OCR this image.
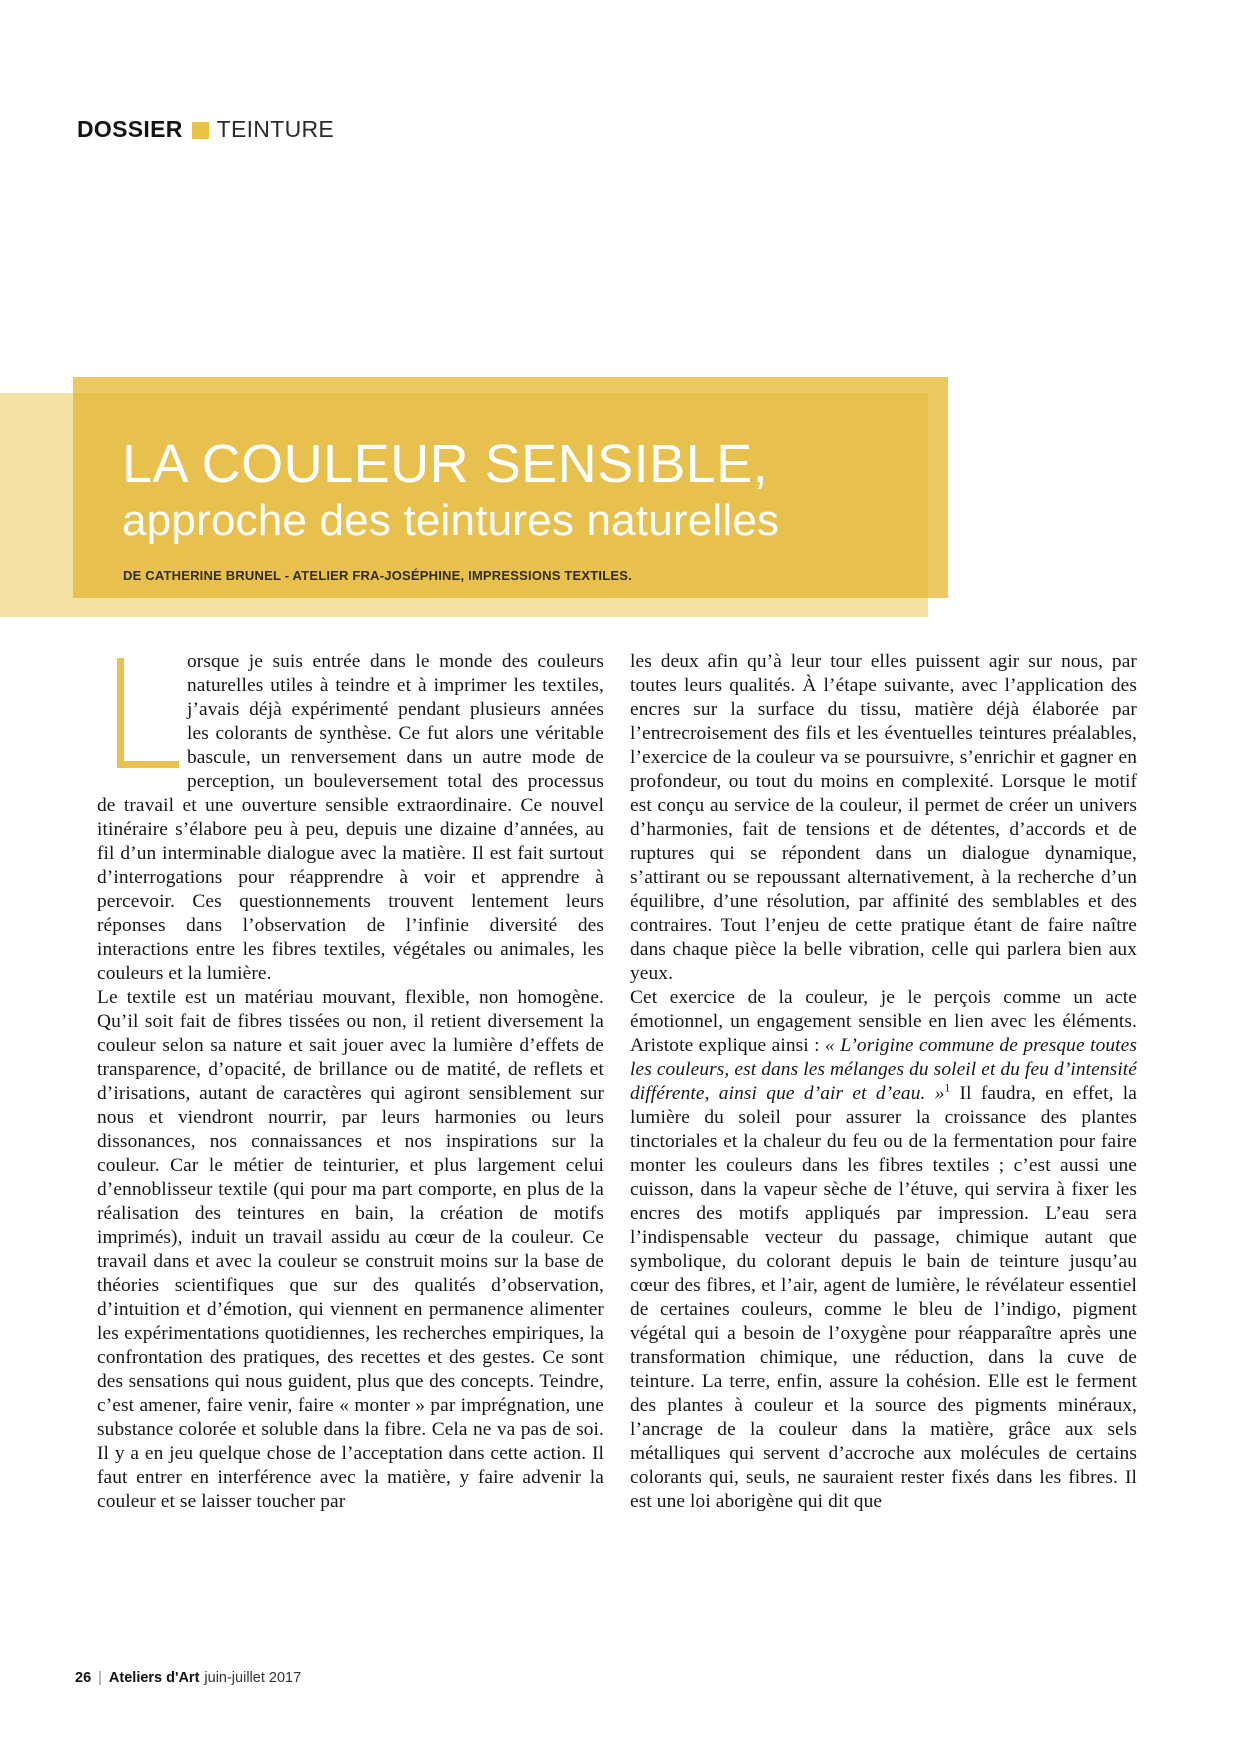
DOSSIER TEINTURE
LA COULEUR SENSIBLE,
approche des teintures naturelles
DE CATHERINE BRUNEL - ATELIER FRA-JOSÉPHINE, IMPRESSIONS TEXTILES.

orsque je suis entrée dans le monde des couleurs naturelles utiles à teindre et à imprimer les textiles, j’avais déjà expérimenté pendant plusieurs années les colorants de synthèse. Ce fut alors une véritable bascule, un renversement dans un autre mode de perception, un bouleversement total des processus de travail et une ouverture sensible extraordinaire. Ce nouvel itinéraire s’élabore peu à peu, depuis une dizaine d’années, au fil d’un interminable dialogue avec la matière. Il est fait surtout d’interrogations pour réapprendre à voir et apprendre à percevoir. Ces questionnements trouvent lentement leurs réponses dans l’observation de l’infinie diversité des interactions entre les fibres textiles, végétales ou animales, les couleurs et la lumière.

Le textile est un matériau mouvant, flexible, non homogène. Qu’il soit fait de fibres tissées ou non, il retient diversement la couleur selon sa nature et sait jouer avec la lumière d’effets de transparence, d’opacité, de brillance ou de matité, de reflets et d’irisations, autant de caractères qui agiront sensiblement sur nous et viendront nourrir, par leurs harmonies ou leurs dissonances, nos connaissances et nos inspirations sur la couleur. Car le métier de teinturier, et plus largement celui d’ennoblisseur textile (qui pour ma part comporte, en plus de la réalisation des teintures en bain, la création de motifs imprimés), induit un travail assidu au cœur de la couleur. Ce travail dans et avec la couleur se construit moins sur la base de théories scientifiques que sur des qualités d’observation, d’intuition et d’émotion, qui viennent en permanence alimenter les expérimentations quotidiennes, les recherches empiriques, la confrontation des pratiques, des recettes et des gestes. Ce sont des sensations qui nous guident, plus que des concepts. Teindre, c’est amener, faire venir, faire « monter » par imprégnation, une substance colorée et soluble dans la fibre. Cela ne va pas de soi. Il y a en jeu quelque chose de l’acceptation dans cette action. Il faut entrer en interférence avec la matière, y faire advenir la couleur et se laisser toucher par

les deux afin qu’à leur tour elles puissent agir sur nous, par toutes leurs qualités. À l’étape suivante, avec l’application des encres sur la surface du tissu, matière déjà élaborée par l’entrecroisement des fils et les éventuelles teintures préalables, l’exercice de la couleur va se poursuivre, s’enrichir et gagner en profondeur, ou tout du moins en complexité. Lorsque le motif est conçu au service de la couleur, il permet de créer un univers d’harmonies, fait de tensions et de détentes, d’accords et de ruptures qui se répondent dans un dialogue dynamique, s’attirant ou se repoussant alternativement, à la recherche d’un équilibre, d’une résolution, par affinité des semblables et des contraires. Tout l’enjeu de cette pratique étant de faire naître dans chaque pièce la belle vibration, celle qui parlera bien aux yeux.

Cet exercice de la couleur, je le perçois comme un acte émotionnel, un engagement sensible en lien avec les éléments. Aristote explique ainsi : « L’origine commune de presque toutes les couleurs, est dans les mélanges du soleil et du feu d’intensité différente, ainsi que d’air et d’eau. »$^1$ Il faudra, en effet, la lumière du soleil pour assurer la croissance des plantes tinctoriales et la chaleur du feu ou de la fermentation pour faire monter les couleurs dans les fibres textiles ; c’est aussi une cuisson, dans la vapeur sèche de l’étuve, qui servira à fixer les encres des motifs appliqués par impression. L’eau sera l’indispensable vecteur du passage, chimique autant que symbolique, du colorant depuis le bain de teinture jusqu’au cœur des fibres, et l’air, agent de lumière, le révélateur essentiel de certaines couleurs, comme le bleu de l’indigo, pigment végétal qui a besoin de l’oxygène pour réapparaître après une transformation chimique, une réduction, dans la cuve de teinture. La terre, enfin, assure la cohésion. Elle est le ferment des plantes à couleur et la source des pigments minéraux, l’ancrage de la couleur dans la matière, grâce aux sels métalliques qui servent d’accroche aux molécules de certains colorants qui, seuls, ne sauraient rester fixés dans les fibres. Il est une loi aborigène qui dit que

26 | Ateliers d'Art juin-juillet 2017
